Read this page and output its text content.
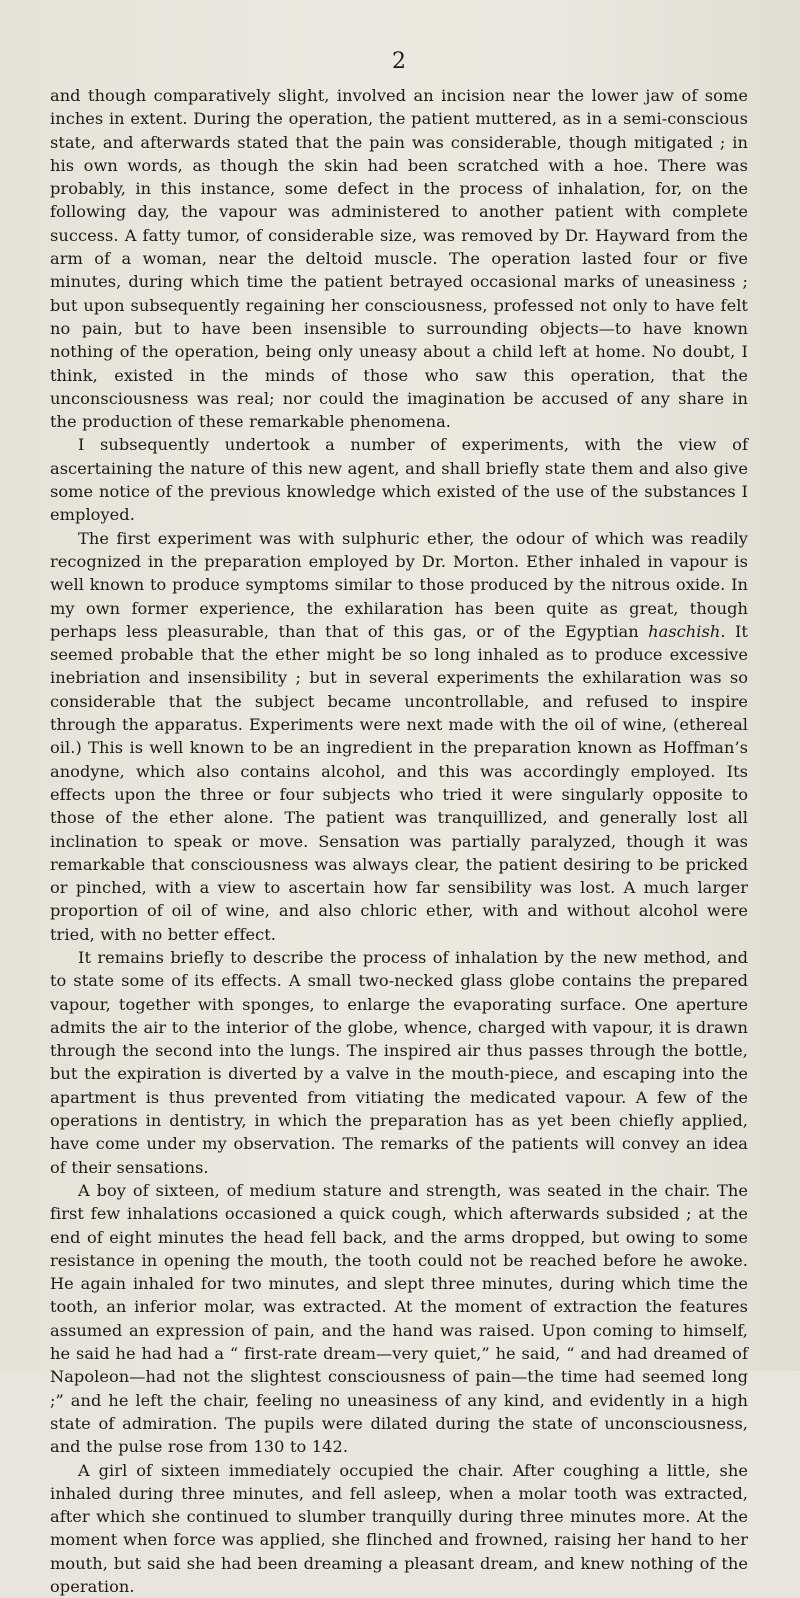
2

and though comparatively slight, involved an incision near the lower jaw of some inches in extent. During the operation, the patient muttered, as in a semi-conscious state, and afterwards stated that the pain was considerable, though mitigated ; in his own words, as though the skin had been scratched with a hoe. There was probably, in this instance, some defect in the process of inhalation, for, on the following day, the vapour was administered to another patient with complete success. A fatty tumor, of considerable size, was removed by Dr. Hayward from the arm of a woman, near the deltoid muscle. The operation lasted four or five minutes, during which time the patient betrayed occasional marks of uneasiness ; but upon subsequently regaining her consciousness, professed not only to have felt no pain, but to have been insensible to surrounding objects—to have known nothing of the operation, being only uneasy about a child left at home. No doubt, I think, existed in the minds of those who saw this operation, that the unconsciousness was real; nor could the imagination be accused of any share in the production of these remarkable phenomena.

I subsequently undertook a number of experiments, with the view of ascertaining the nature of this new agent, and shall briefly state them and also give some notice of the previous knowledge which existed of the use of the substances I employed.

The first experiment was with sulphuric ether, the odour of which was readily recognized in the preparation employed by Dr. Morton. Ether inhaled in vapour is well known to produce symptoms similar to those produced by the nitrous oxide. In my own former experience, the exhilaration has been quite as great, though perhaps less pleasurable, than that of this gas, or of the Egyptian haschish. It seemed probable that the ether might be so long inhaled as to produce excessive inebriation and insensibility ; but in several experiments the exhilaration was so considerable that the subject became uncontrollable, and refused to inspire through the apparatus. Experiments were next made with the oil of wine, (ethereal oil.) This is well known to be an ingredient in the preparation known as Hoffman’s anodyne, which also contains alcohol, and this was accordingly employed. Its effects upon the three or four subjects who tried it were singularly opposite to those of the ether alone. The patient was tranquillized, and generally lost all inclination to speak or move. Sensation was partially paralyzed, though it was remarkable that consciousness was always clear, the patient desiring to be pricked or pinched, with a view to ascertain how far sensibility was lost. A much larger proportion of oil of wine, and also chloric ether, with and without alcohol were tried, with no better effect.

It remains briefly to describe the process of inhalation by the new method, and to state some of its effects. A small two-necked glass globe contains the prepared vapour, together with sponges, to enlarge the evaporating surface. One aperture admits the air to the interior of the globe, whence, charged with vapour, it is drawn through the second into the lungs. The inspired air thus passes through the bottle, but the expiration is diverted by a valve in the mouth-piece, and escaping into the apartment is thus prevented from vitiating the medicated vapour. A few of the operations in dentistry, in which the preparation has as yet been chiefly applied, have come under my observation. The remarks of the patients will convey an idea of their sensations.

A boy of sixteen, of medium stature and strength, was seated in the chair. The first few inhalations occasioned a quick cough, which afterwards subsided ; at the end of eight minutes the head fell back, and the arms dropped, but owing to some resistance in opening the mouth, the tooth could not be reached before he awoke. He again inhaled for two minutes, and slept three minutes, during which time the tooth, an inferior molar, was extracted. At the moment of extraction the features assumed an expression of pain, and the hand was raised. Upon coming to himself, he said he had had a “ first-rate dream—very quiet,” he said, “ and had dreamed of Napoleon—had not the slightest consciousness of pain—the time had seemed long ;” and he left the chair, feeling no uneasiness of any kind, and evidently in a high state of admiration. The pupils were dilated during the state of unconsciousness, and the pulse rose from 130 to 142.

A girl of sixteen immediately occupied the chair. After coughing a little, she inhaled during three minutes, and fell asleep, when a molar tooth was extracted, after which she continued to slumber tranquilly during three minutes more. At the moment when force was applied, she flinched and frowned, raising her hand to her mouth, but said she had been dreaming a pleasant dream, and knew nothing of the operation.
